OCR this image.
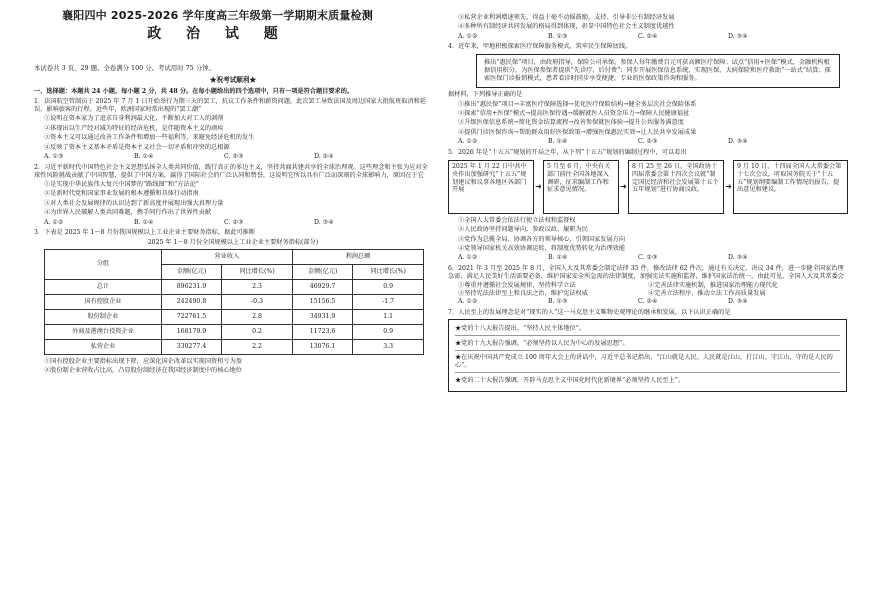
襄阳四中 2025-2026 学年度高三年级第一学期期末质量检测
政 治 试 题

本试卷共 3 页，29 题。全卷满分 100 分。考试用时 75 分钟。

★祝考试顺利★

一、选择题：本题共 24 小题，每小题 2 分，共 48 分。在每小题给出的四个选项中，只有一项是符合题目要求的。

1．法国航空管制员于 2025 年 7 月 1 日开始举行为期三天的罢工，抗议工作条件和薪资问题。此次罢工导致法国及周边国家大批航班取消和延误，影响旅客的行程。近些年，欧洲国家时常出现的“罢工潮”

①说明在资本家为了追求自身利润最大化，不断加大对工人的剥削

②体现出以生产经对减为特征的经济危机，是伴随资本主义的顽疾

③资本主义可以通过改善工作条件和增加一些福利等，来避免经济危机的发生

④反映了资本主义基本矛盾是资本主义社会一切矛盾和冲突的总根源

A. ①③	B. ①④	C. ②③	D. ②④

2．习近平新时代中国特色社会主义思想弘扬全人类共同价值，践行真正的多边主义，坚持共商共建共享的全球治理观。这些理念和主张为应对全球性风险挑战贡献了中国智慧，提供了中国方案，赢得了国际社会的广泛认同和赞誉，这说明它所以具有广泛而深刻的全球影响力，原因在于它

①是实现中华民族伟大复兴中国梦的“路线图”和“方法论”

②是新时代党和国家事业发展的根本遵循和具体行动指南

③对人类社会发展规律的认识达到了新高度并展现出强大真理力量

④为世界人民破解人类共同难题，携手同行作出了世界性贡献

A. ①②	B. ①④	C. ②③	D. ③④

3．下表是 2025 年 1～8 月份我国规模以上工业企业主要财务指标，据此可推断

2025 年 1～8 月份全国规模以上工业企业主要财务指标(部分)

分组	营业收入		利润总额	
	金额(亿元)	同比增长(%)	金额(亿元)	同比增长(%)
总计	896231.9	2.3	46929.7	0.9
国有控股企业	242490.8	-0.3	15156.5	-1.7
股份制企业	722761.5	2.8	34931.9	1.1
外商及港澳台投资企业	168179.9	0.2	11723.6	0.9
私营企业	330277.4	2.2	13076.1	3.3

①国有控股企业主要指标出现下降，应深化国企改革以实现国资租亏为盈

②股份制企业营收占比高，凸显股份制经济在我国经济制度中的核心地位

③私营企业利润增速领先，得益于毫不动摇鼓励、支持、引导非公有制经济发展

④多种所有制经济共同发展的格局得到体现，彰显中国特色社会主义制度优越性

A. ①②	B. ①③	C. ②④	D. ③④

4．近年来，甲地积极探索医疗保障服务模式，筑牢民生保障底线。

推出“惠民保”项目，由政府指导，保险公司承保，参保人每年缴费百元可获高额医疗保障；试点“信用+医保”模式，金融机构根据信用积分，为医保参保者提供“先诊疗，后付费”；同步开展医保信息系统，实现医保、大病保险和医疗救助“一站式”结算；探索医保门诊报销模式，患者看诊时同步享受便捷、专业的医保政策咨询和服务。

据材料，下列推导正确的是

①推出“惠民保”项目→丰富医疗保障选择→优化医疗保险结构→健全多层次社会保险体系

②探索“信用+医保”模式→提高医保待遇→缓解就医人员资金压力→保障人民健康福祉

③升级医保信息系统→简化资金结算流程→改善参保就医体验→提升公共服务满意度

④提供门诊医保咨询→帮助群众用好医保政策→增强医保惠民实效→让人民共享发展成果

A. ①②	B. ①④	C. ②③	D. ③④

5．2026 年是“十五五”规划的开局之年，从下列“十五五”规划的编制过程中，可以看出

2025 年 1 月 22 日中共中央作出加强研究“十五五”规划建议和议事各地区各部门开展	➜
5 月至 6 月，中央有关部门前往全国各地深入调研，征求编制工作和 征求意见情况。	➜
8 月 25 至 26 日，全国政协十四届常委会第十四次会议就“制定国民经济和社会发展第十五个五年规划”进行协商议政。	➜
9 月 10 日，十四届全国人大常委会第十七次会议，听取国务院关于“十五五”规划纲要编制工作情况的报告，提出意见和建议。

①全国人大常委会依法行使立法权和监督权

②人民政协坚持问题导向，参政议政、履职为民

③党作为总揽全局、协调各方的领导核心，引领国家发展方向

④党领导国家机关高效协调运转，将制度优势转化为治理效能

A. ①②	B. ①④	C. ②③	D. ③④

6．2021 年 3 月至 2025 年 8 月，全国人大及其常委会制定法律 35 件，修改法律 62 件次，通过有关决定、决议 34 件，进一步健全国家治理急需、满足人民美好生活需要必备、维护国家安全所急需的法律制度，加强宪法实施和监督，维护国家法治统一。由此可见，全国人大及其常委会

①尊重并遵循社会发展规律，坚持科学立法	②完善法律实施机制，推进国家治理能力现代化
③坚持宪法法律至上和良法之治，维护宪法权威	④完善立法程序，推动立法工作高质量发展
A. ①②	B. ①③	C. ②④	D. ③④

7．人民至上的发展理念是对“现实的人”这一马克思主义唯物史观理论的继承和发展，以下认识正确的是

★党的十八大报告提出，“坚持人民主体地位”。

★党的十九大报告强调，“必须坚持以人民为中心的发展思想”。

★在庆祝中国共产党成立 100 周年大会上的讲话中，习近平总书记指出，“江山就是人民、人民就是江山，打江山、守江山，守的是人民的心”。

★党的二十大报告强调，开辟马克思主义中国化时代化新境界“必须坚持人民至上”。
